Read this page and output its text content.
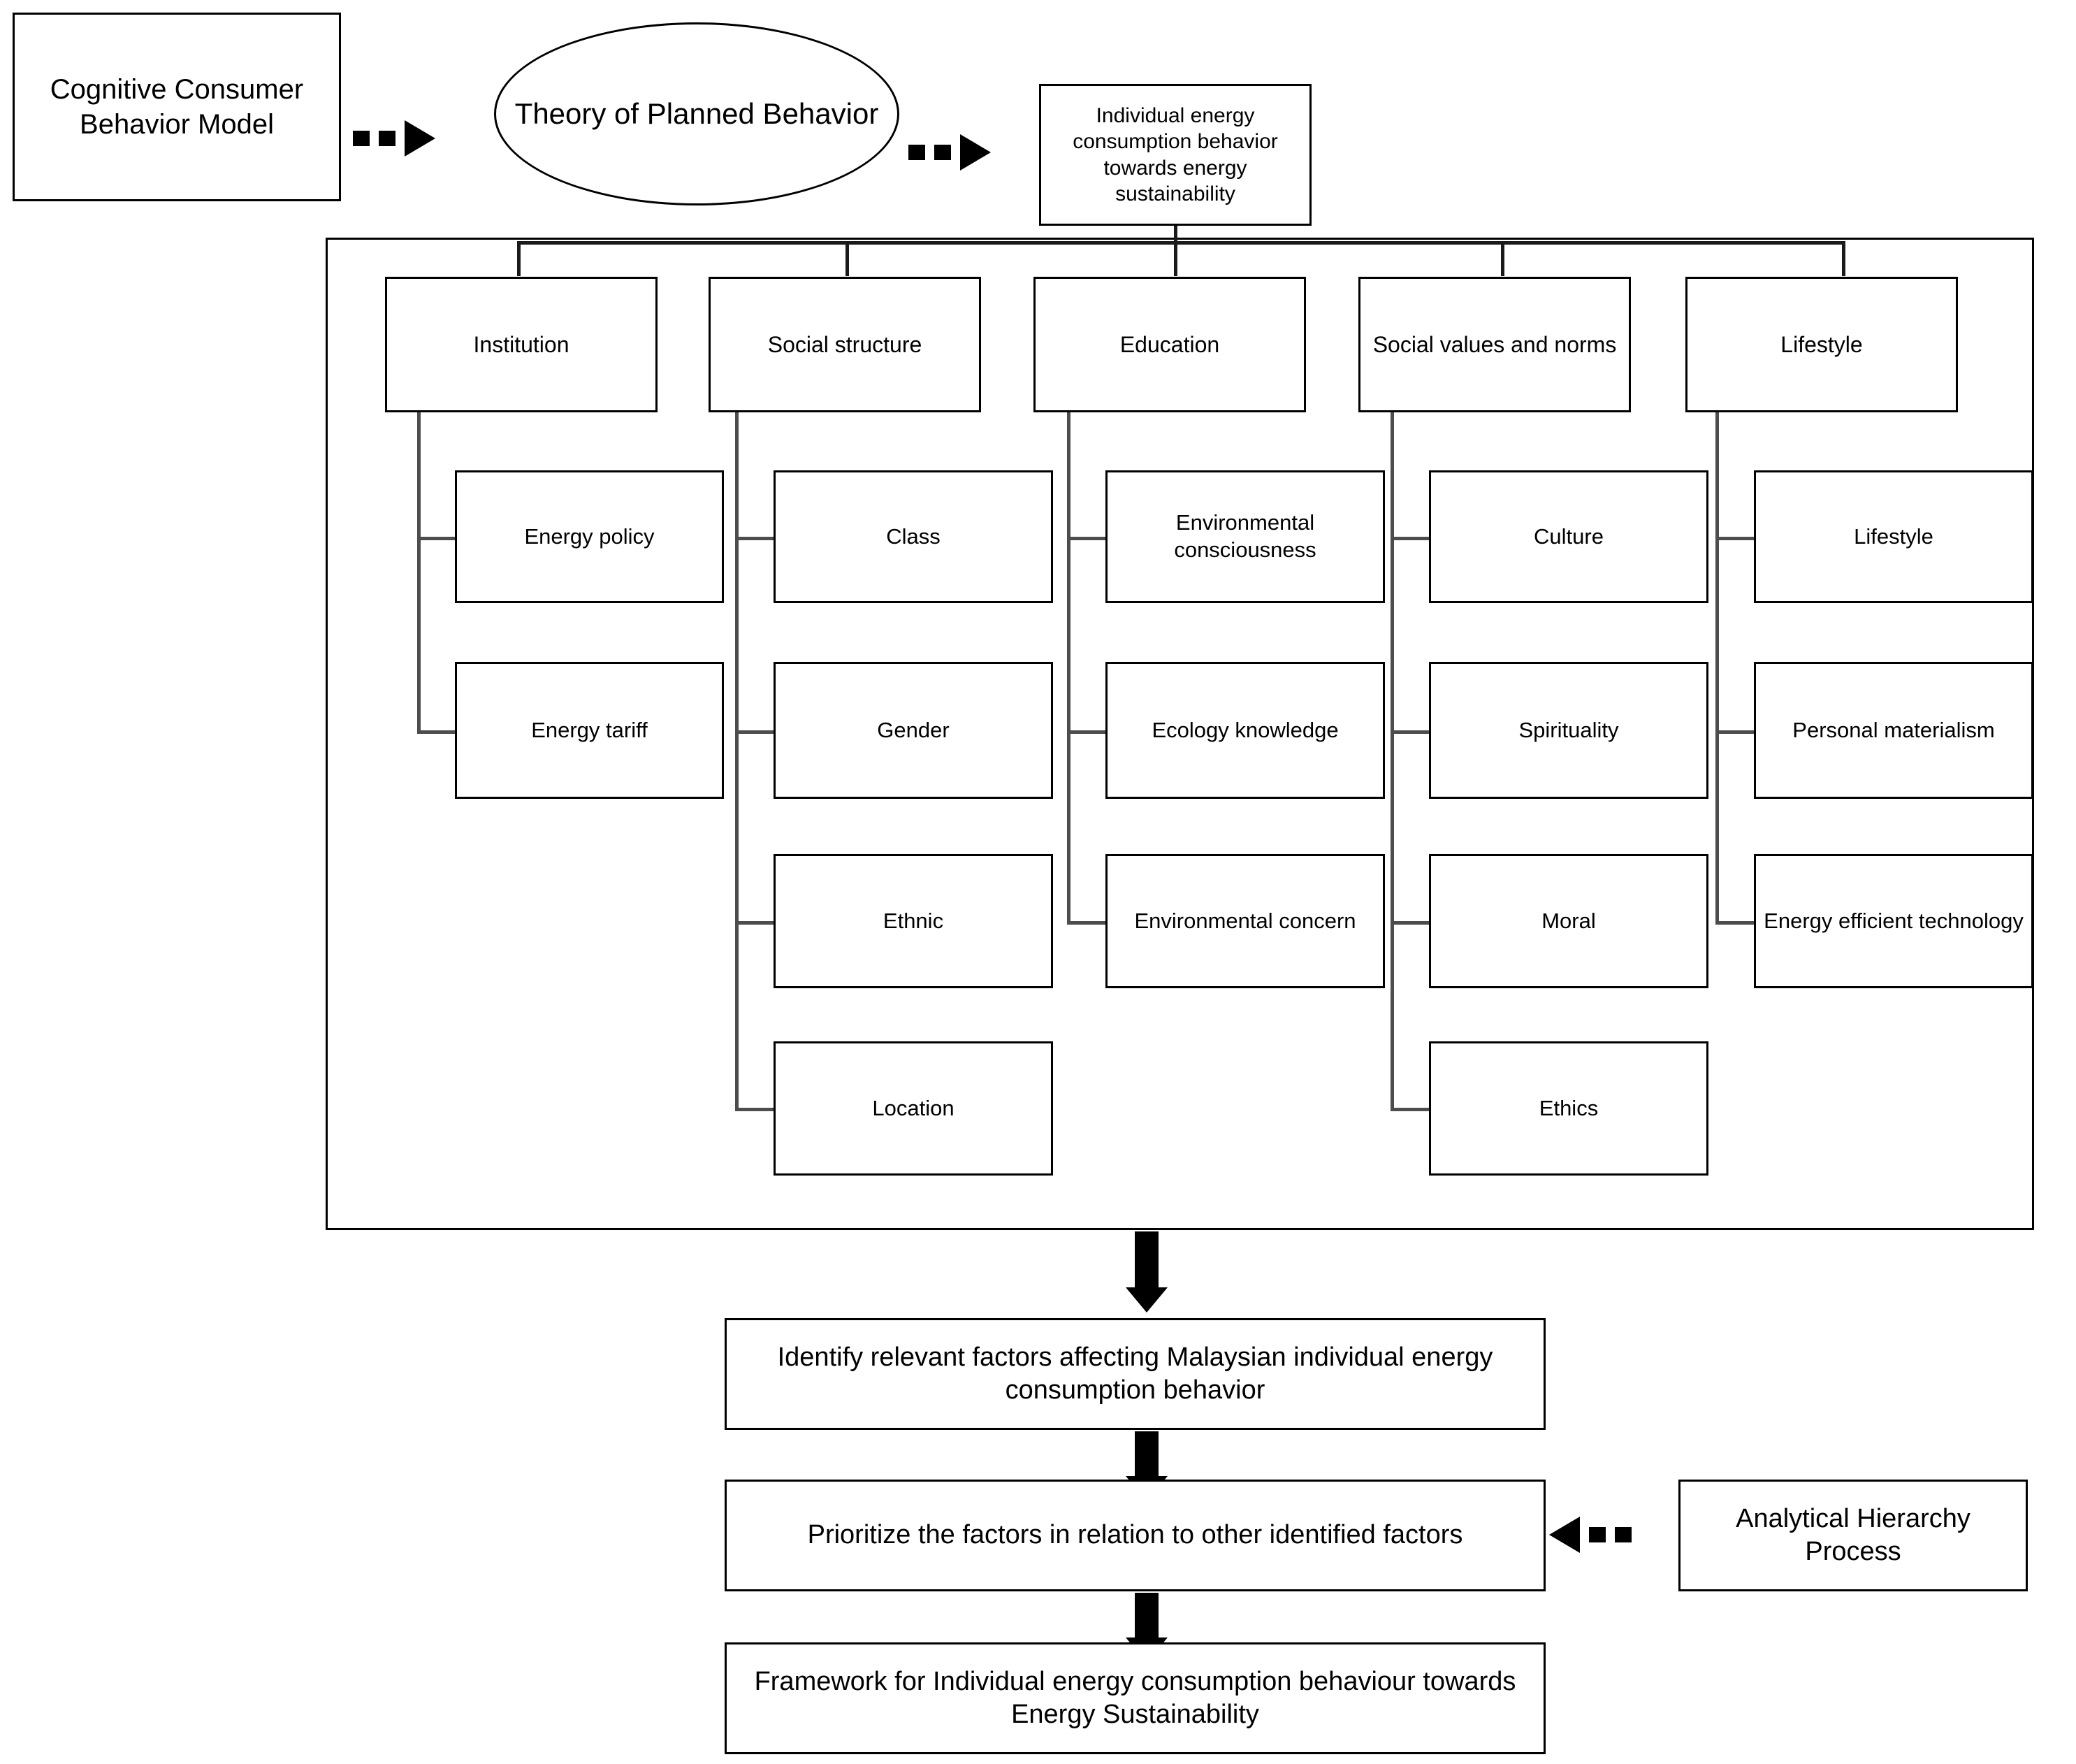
Cognitive Consumer Behavior Model	Theory of Planned Behavior	Individual energy consumption behavior towards energy sustainability
Institution	Social structure	Education	Social values and norms	Lifestyle
Energy policy
Energy tariff
Class
Gender
Ethnic
Location
Environmental consciousness
Ecology knowledge
Environmental concern
Culture
Spirituality
Moral
Ethics
Lifestyle
Personal materialism
Energy efficient technology
Identify relevant factors affecting Malaysian individual energy consumption behavior
Prioritize the factors in relation to other identified factors
Analytical Hierarchy Process
Framework for Individual energy consumption behaviour towards Energy Sustainability
